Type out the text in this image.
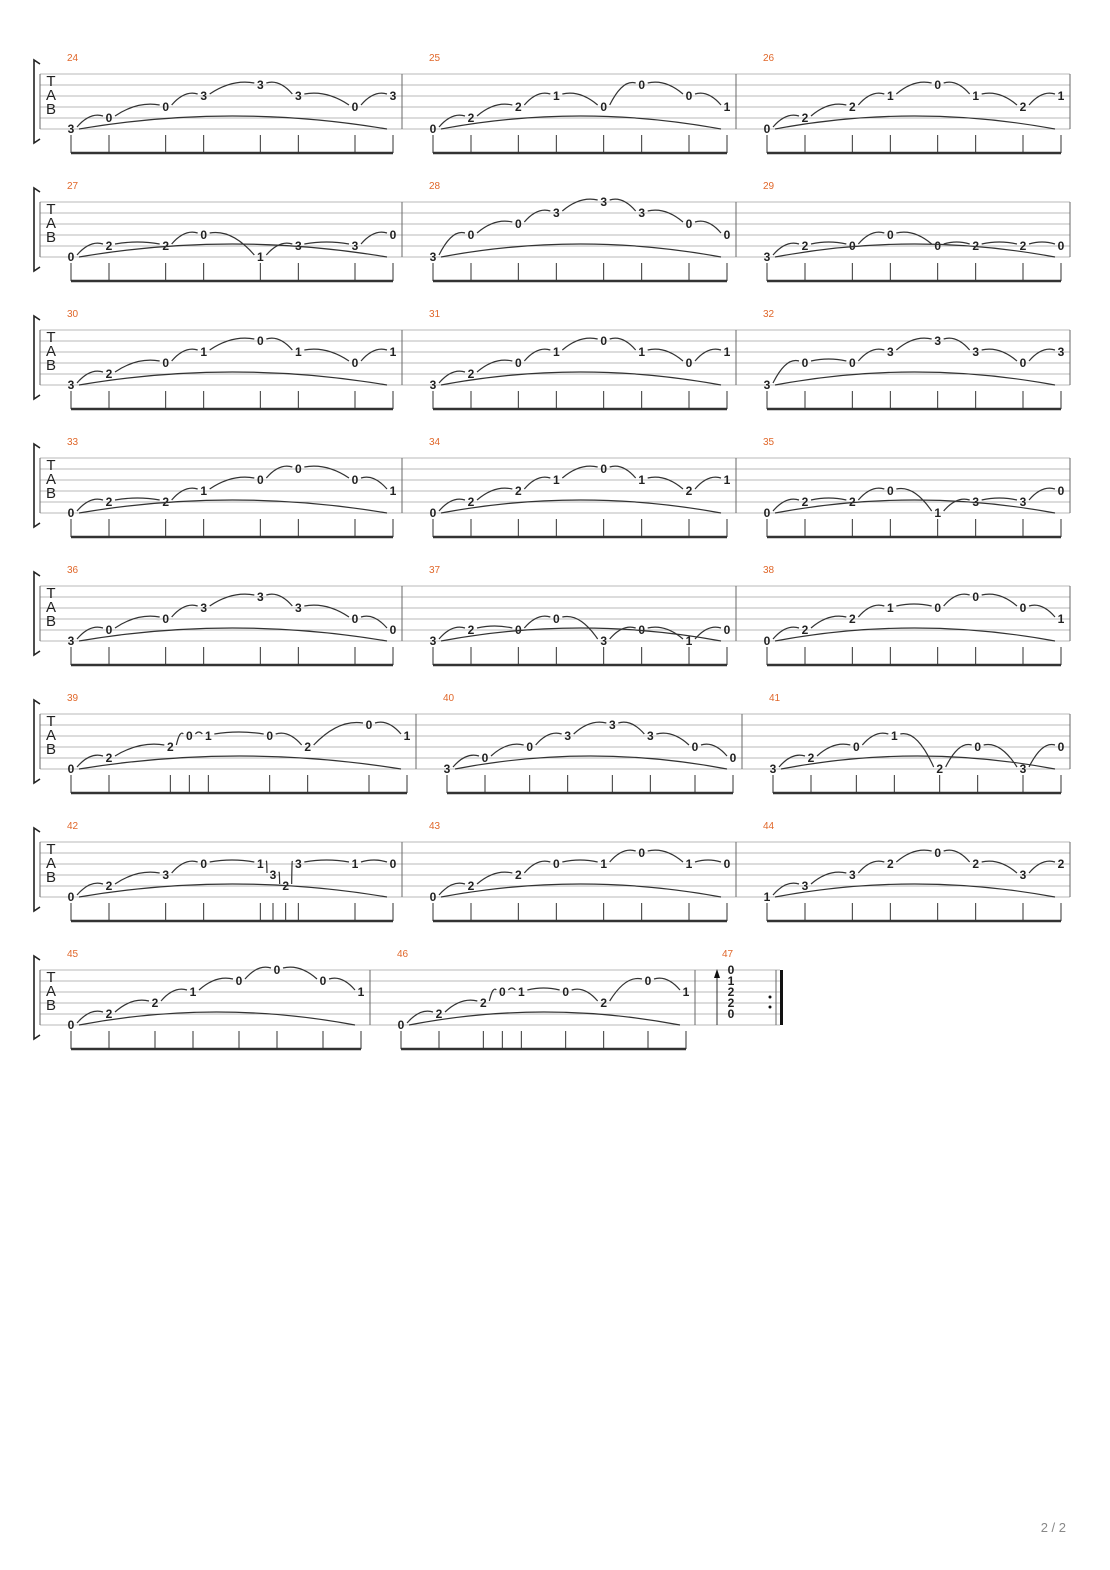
T
A
B
24
3
0
0
3
3
3
0
3
25
0
2
2
1
0
0
0
1
26
0
2
2
1
0
1
2
1
T
A
B
27
0
2	2
0
1
3	3
0
28
3
0
0
3
3
3
0
0
29
3
2	0
0
0	2	2	0
T
A
B
30
3
2
0
1
0
1
0
1
31
3
2
0
1
0
1
0
1
32
3
0	0
3
3
3
0
3
T
A
B
33
0
2	2
1
0
0
0
1
34
0
2
2
1
0
1
2
1
35
0
2	2
0
1
3	3
0
T
A
B
36
3
0
0
3
3
3
0
0
37
3
2	0
0
3
0
1
0
38
0
2
2
1	0
0
0
1
T
A
B
39
0
2
2
0 1	0
2
0
1
40
3
0
0
3
3
3
0
0
41
3
2
0
1
2
0
3
0
T
A
B
42
0
2
3
0	1
3
2
3	1	0
43
0
2
2
0	1
0
1	0
44
1
3
3
2
0
2
3
2
T
A
B
45
0
2
2
1
0
0
0
1
46
0
2
2
0 1	0
2
0
1
47
0
1
2
2
0
2 / 2
